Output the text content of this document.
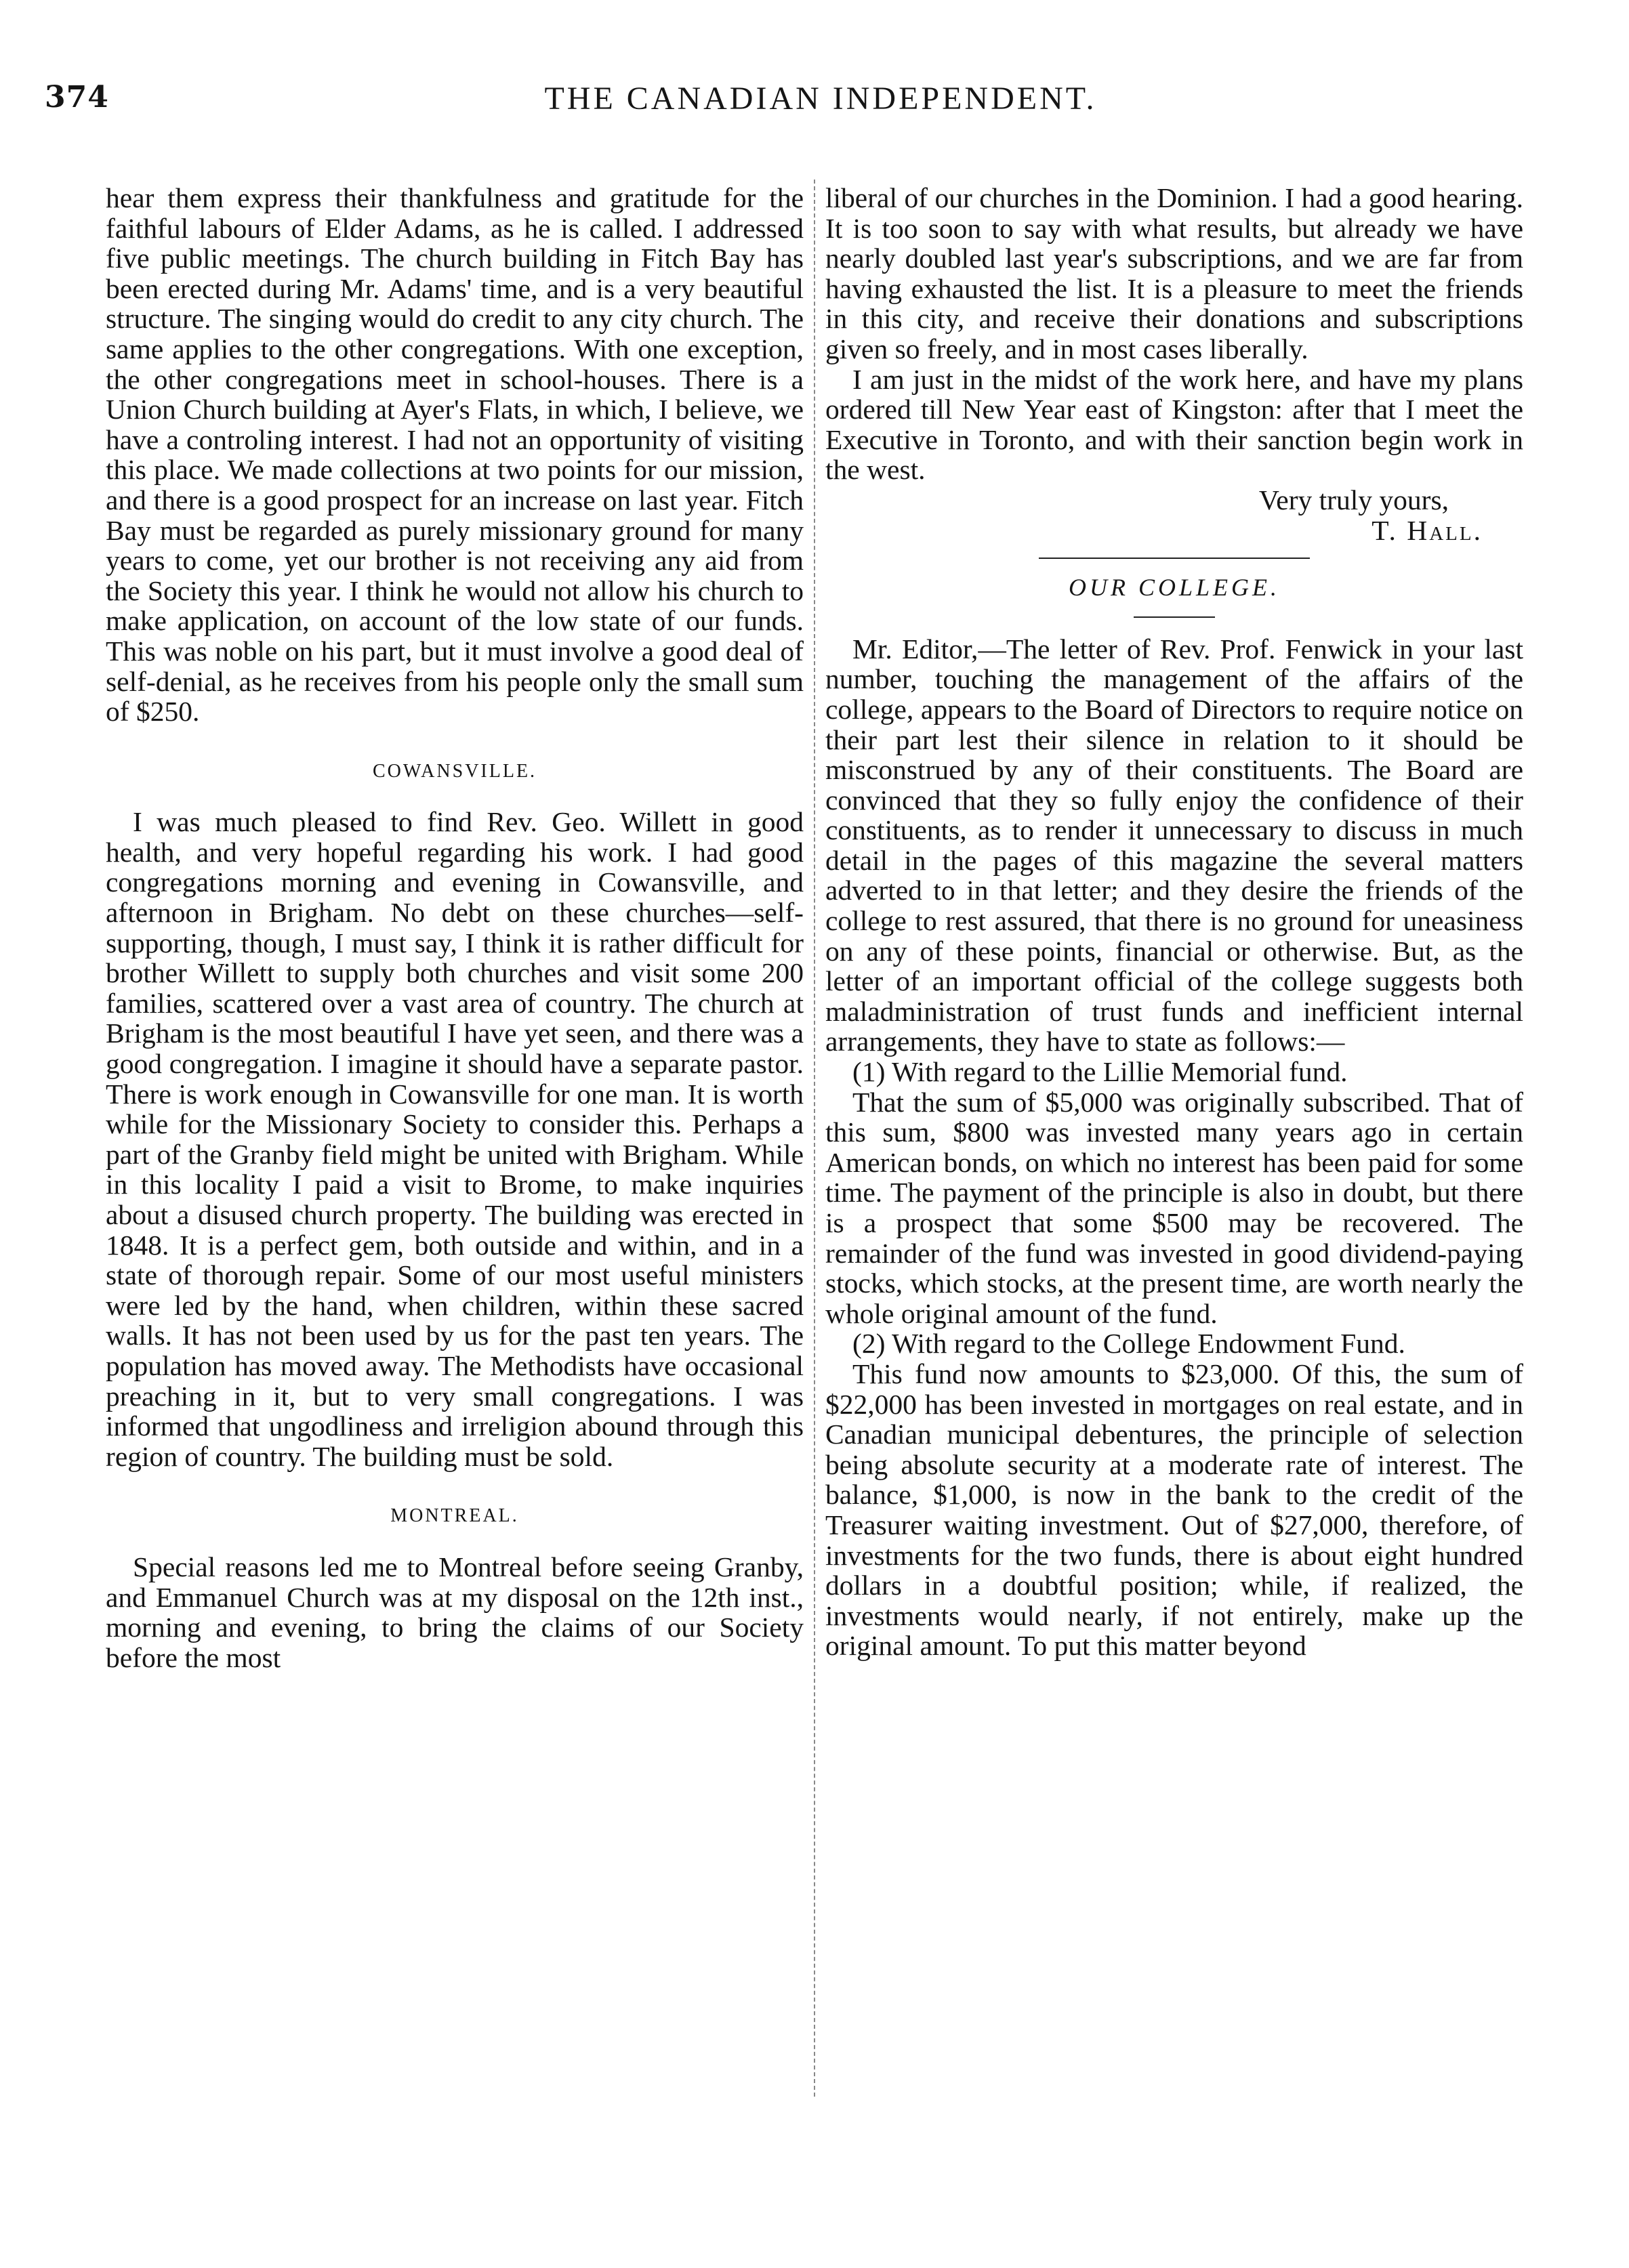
374	THE CANADIAN INDEPENDENT.

hear them express their thankfulness and gratitude for the faithful labours of Elder Adams, as he is called. I addressed five public meetings. The church building in Fitch Bay has been erected during Mr. Adams' time, and is a very beautiful structure. The singing would do credit to any city church. The same applies to the other congregations. With one exception, the other congregations meet in school-houses. There is a Union Church building at Ayer's Flats, in which, I believe, we have a controling interest. I had not an opportunity of visiting this place. We made collections at two points for our mission, and there is a good prospect for an increase on last year. Fitch Bay must be regarded as purely missionary ground for many years to come, yet our brother is not receiving any aid from the Society this year. I think he would not allow his church to make application, on account of the low state of our funds. This was noble on his part, but it must involve a good deal of self-denial, as he receives from his people only the small sum of $250.

COWANSVILLE.

I was much pleased to find Rev. Geo. Willett in good health, and very hopeful regarding his work. I had good congregations morning and evening in Cowansville, and afternoon in Brigham. No debt on these churches—self-supporting, though, I must say, I think it is rather difficult for brother Willett to supply both churches and visit some 200 families, scattered over a vast area of country. The church at Brigham is the most beautiful I have yet seen, and there was a good congregation. I imagine it should have a separate pastor. There is work enough in Cowansville for one man. It is worth while for the Missionary Society to consider this. Perhaps a part of the Granby field might be united with Brigham. While in this locality I paid a visit to Brome, to make inquiries about a disused church property. The building was erected in 1848. It is a perfect gem, both outside and within, and in a state of thorough repair. Some of our most useful ministers were led by the hand, when children, within these sacred walls. It has not been used by us for the past ten years. The population has moved away. The Methodists have occasional preaching in it, but to very small congregations. I was informed that ungodliness and irreligion abound through this region of country. The building must be sold.

MONTREAL.

Special reasons led me to Montreal before seeing Granby, and Emmanuel Church was at my disposal on the 12th inst., morning and evening, to bring the claims of our Society before the most

liberal of our churches in the Dominion. I had a good hearing. It is too soon to say with what results, but already we have nearly doubled last year's subscriptions, and we are far from having exhausted the list. It is a pleasure to meet the friends in this city, and receive their donations and subscriptions given so freely, and in most cases liberally.

I am just in the midst of the work here, and have my plans ordered till New Year east of Kingston: after that I meet the Executive in Toronto, and with their sanction begin work in the west.

Very truly yours,
T. Hall.
OUR COLLEGE.

Mr. Editor,—The letter of Rev. Prof. Fenwick in your last number, touching the management of the affairs of the college, appears to the Board of Directors to require notice on their part lest their silence in relation to it should be misconstrued by any of their constituents. The Board are convinced that they so fully enjoy the confidence of their constituents, as to render it unnecessary to discuss in much detail in the pages of this magazine the several matters adverted to in that letter; and they desire the friends of the college to rest assured, that there is no ground for uneasiness on any of these points, financial or otherwise. But, as the letter of an important official of the college suggests both maladministration of trust funds and inefficient internal arrangements, they have to state as follows:—

(1) With regard to the Lillie Memorial fund.

That the sum of $5,000 was originally subscribed. That of this sum, $800 was invested many years ago in certain American bonds, on which no interest has been paid for some time. The payment of the principle is also in doubt, but there is a prospect that some $500 may be recovered. The remainder of the fund was invested in good dividend-paying stocks, which stocks, at the present time, are worth nearly the whole original amount of the fund.

(2) With regard to the College Endowment Fund.

This fund now amounts to $23,000. Of this, the sum of $22,000 has been invested in mortgages on real estate, and in Canadian municipal debentures, the principle of selection being absolute security at a moderate rate of interest. The balance, $1,000, is now in the bank to the credit of the Treasurer waiting investment. Out of $27,000, therefore, of investments for the two funds, there is about eight hundred dollars in a doubtful position; while, if realized, the investments would nearly, if not entirely, make up the original amount. To put this matter beyond
